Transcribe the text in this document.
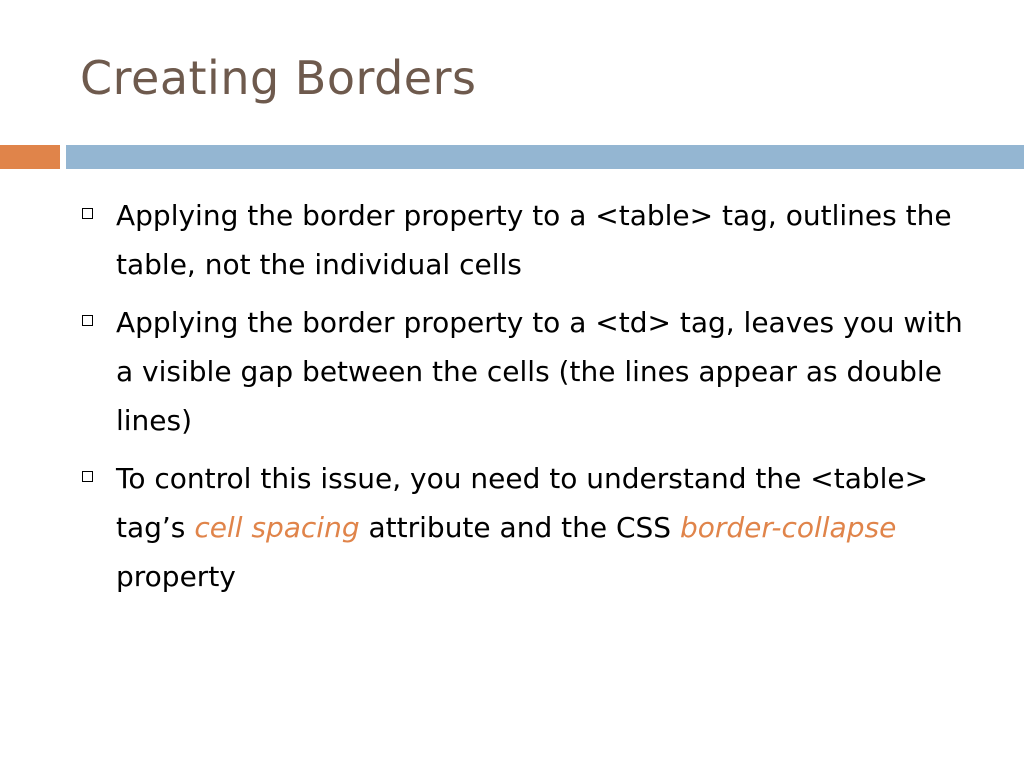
Creating Borders
Applying the border property to a <table> tag, outlines the table, not the individual cells
Applying the border property to a <td> tag, leaves you with a visible gap between the cells (the lines appear as double lines)
To control this issue, you need to understand the <table> tag’s cell spacing attribute and the CSS border-collapse property
